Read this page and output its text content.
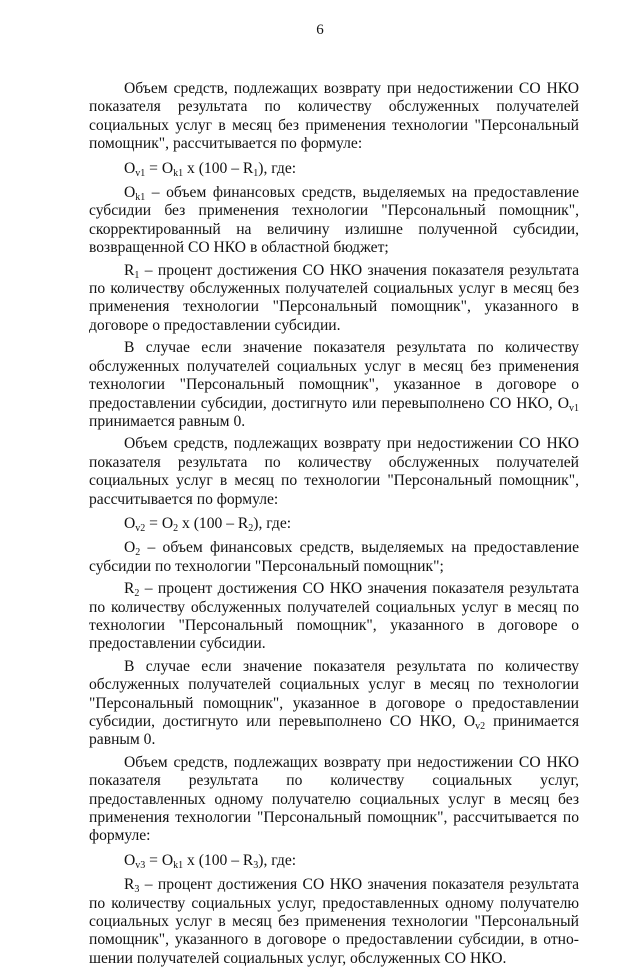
6

Объем средств, подлежащих возврату при недостижении СО НКО показателя результата по количеству обслуженных получателей социальных услуг в месяц без применения технологии "Персональный помощник", рассчитывается по формуле:

$O_{v1} = O_{k1}$ x $(100 - R_1)$, где:

$O_{k1}$ – объем финансовых средств, выделяемых на предоставление субсидии без применения технологии "Персональный помощник", скорректированный на величину излишне полученной субсидии, возвращенной СО НКО в областной бюджет;

$R_1$ – процент достижения СО НКО значения показателя результата по количеству обслуженных получателей социальных услуг в месяц без применения технологии "Персональный помощник", указанного в договоре о предоставлении субсидии.

В случае если значение показателя результата по количеству обслуженных получателей социальных услуг в месяц без применения технологии "Персональный помощник", указанное в договоре о предоставлении субсидии, достигнуто или перевыполнено СО НКО, $O_{v1}$ принимается равным 0.

Объем средств, подлежащих возврату при недостижении СО НКО показателя результата по количеству обслуженных получателей социальных услуг в месяц по технологии "Персональный помощник", рассчитывается по формуле:

$O_{v2} = O_2$ x $(100 - R_2)$, где:

$O_2$ – объем финансовых средств, выделяемых на предоставление субсидии по технологии "Персональный помощник";

$R_2$ – процент достижения СО НКО значения показателя результата по количеству обслуженных получателей социальных услуг в месяц по технологии "Персональный помощник", указанного в договоре о предоставлении субсидии.

В случае если значение показателя результата по количеству обслуженных получателей социальных услуг в месяц по технологии "Персональный помощник", указанное в договоре о предоставлении субсидии, достигнуто или перевыполнено СО НКО, $O_{v2}$ принимается равным 0.

Объем средств, подлежащих возврату при недостижении СО НКО показателя результата по количеству социальных услуг, предоставленных одному получателю социальных услуг в месяц без применения технологии "Персональный помощник", рассчитывается по формуле:

$O_{v3} = O_{k1}$ x $(100 - R_3)$, где:

$R_3$ – процент достижения СО НКО значения показателя результата по количеству социальных услуг, предоставленных одному получателю социальных услуг в месяц без применения технологии "Персональный помощник", указанного в договоре о предоставлении субсидии, в отно-шении получателей социальных услуг, обслуженных СО НКО.
